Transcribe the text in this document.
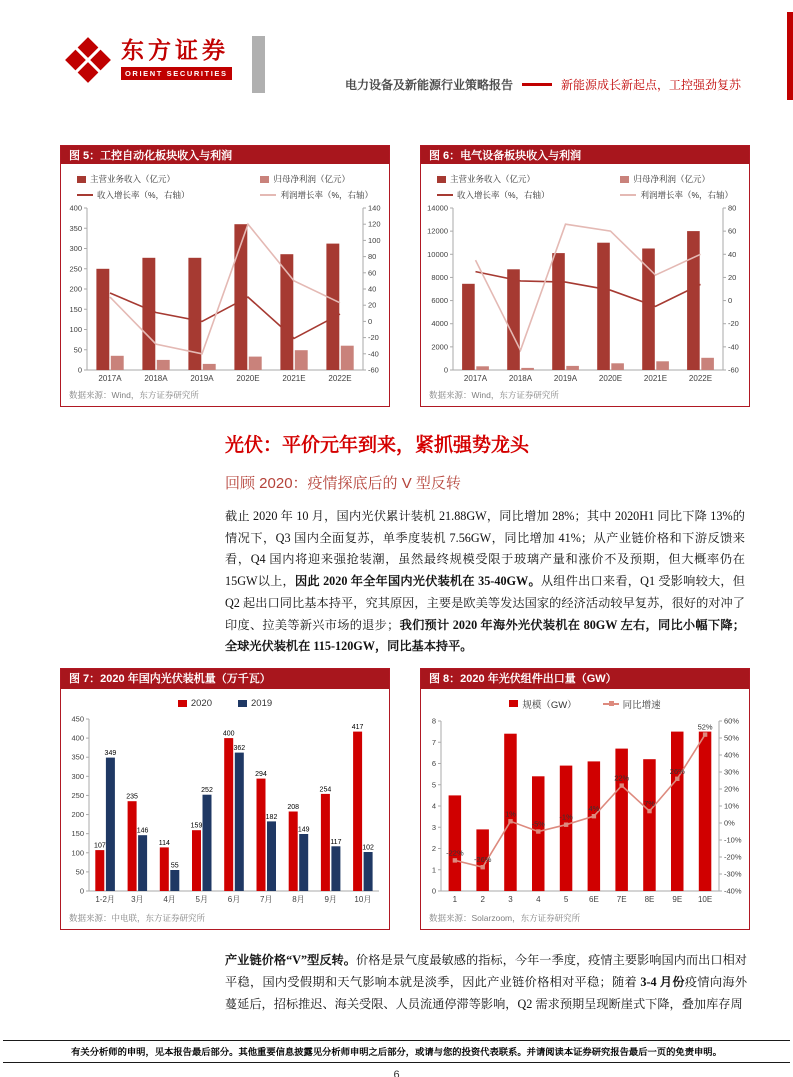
东方证券
ORIENT SECURITIES
电力设备及新能源行业策略报告	新能源成长新起点，工控强劲复苏
图 5：工控自动化板块收入与利润
主营业务收入（亿元）	归母净利润（亿元）
收入增长率（%，右轴）	利润增长率（%，右轴）
0
50
100
150
200
250
300
350
400
-60
-40
-20
0
20
40
60
80
100
120
140
2017A	2018A	2019A	2020E	2021E	2022E
数据来源：Wind，东方证券研究所
图 6：电气设备板块收入与利润
主营业务收入（亿元）	归母净利润（亿元）
收入增长率（%，右轴）	利润增长率（%，右轴）
0
2000
4000
6000
8000
10000
12000
14000
-60
-40
-20
0
20
40
60
80
2017A	2018A	2019A	2020E	2021E	2022E
数据来源：Wind，东方证券研究所
光伏：平价元年到来，紧抓强势龙头
回顾 2020：疫情探底后的 V 型反转

截止 2020 年 10 月，国内光伏累计装机 21.88GW，同比增加 28%；其中 2020H1 同比下降 13%的情况下，Q3 国内全面复苏，单季度装机 7.56GW，同比增加 41%；从产业链价格和下游反馈来看，Q4 国内将迎来强抢装潮，虽然最终规模受限于玻璃产量和涨价不及预期，但大概率仍在 15GW以上，因此 2020 年全年国内光伏装机在 35-40GW。从组件出口来看，Q1 受影响较大，但 Q2 起出口同比基本持平，究其原因，主要是欧美等发达国家的经济活动较早复苏，很好的对冲了印度、拉美等新兴市场的退步；我们预计 2020 年海外光伏装机在 80GW 左右，同比小幅下降；全球光伏装机在 115-120GW，同比基本持平。

图 7：2020 年国内光伏装机量（万千瓦）
2020	2019
0
50
100
150
200
250
300
350
400
450
1-2月 3月 4月 5月 6月 7月 8月 9月 10月
107
235
114
159
400
294
208
254
417
349
146
55
252
362
182
149
117
102
数据来源：中电联，东方证券研究所
图 8：2020 年光伏组件出口量（GW）
规模（GW）	同比增速
0
1
2
3
4
5
6
7
8
-40%
-30%
-20%
-10%
0%
10%
20%
30%
40%
50%
60%
1	2	3	4	5	6E 7E 8E 9E 10E
-22%
-26%
1%
-5%
-1%
4%
22%
7%
26%
52%
数据来源：Solarzoom，东方证券研究所

产业链价格“V”型反转。价格是景气度最敏感的指标，今年一季度，疫情主要影响国内而出口相对平稳，国内受假期和天气影响本就是淡季，因此产业链价格相对平稳；随着 3-4 月份疫情向海外蔓延后，招标推迟、海关受限、人员流通停滞等影响，Q2 需求预期呈现断崖式下降，叠加库存周

有关分析师的申明，见本报告最后部分。其他重要信息披露见分析师申明之后部分，或请与您的投资代表联系。并请阅读本证券研究报告最后一页的免责申明。
6
